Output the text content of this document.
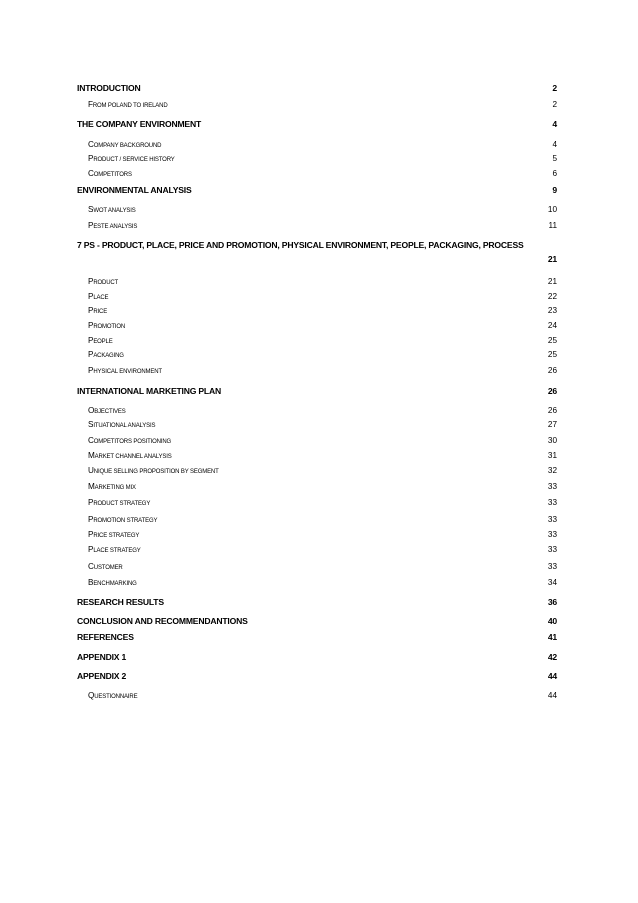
INTRODUCTION	2
FROM POLAND TO IRELAND	2
THE COMPANY ENVIRONMENT	4
COMPANY BACKGROUND	4
PRODUCT / SERVICE HISTORY	5
COMPETITORS	6
ENVIRONMENTAL ANALYSIS	9
SWOT ANALYSIS	10
PESTE ANALYSIS	11
7 PS - PRODUCT, PLACE, PRICE AND PROMOTION, PHYSICAL ENVIRONMENT, PEOPLE, PACKAGING, PROCESS
21
PRODUCT	21
PLACE	22
PRICE	23
PROMOTION	24
PEOPLE	25
PACKAGING	25
PHYSICAL ENVIRONMENT	26
INTERNATIONAL MARKETING PLAN	26
OBJECTIVES	26
SITUATIONAL ANALYSIS	27
COMPETITORS POSITIONING	30
MARKET CHANNEL ANALYSIS	31
UNIQUE SELLING PROPOSITION BY SEGMENT	32
MARKETING MIX	33
PRODUCT STRATEGY	33
PROMOTION STRATEGY	33
PRICE STRATEGY	33
PLACE STRATEGY	33
CUSTOMER	33
BENCHMARKING	34
RESEARCH RESULTS	36
CONCLUSION AND RECOMMENDANTIONS	40
REFERENCES	41
APPENDIX 1	42
APPENDIX 2	44
QUESTIONNAIRE	44
